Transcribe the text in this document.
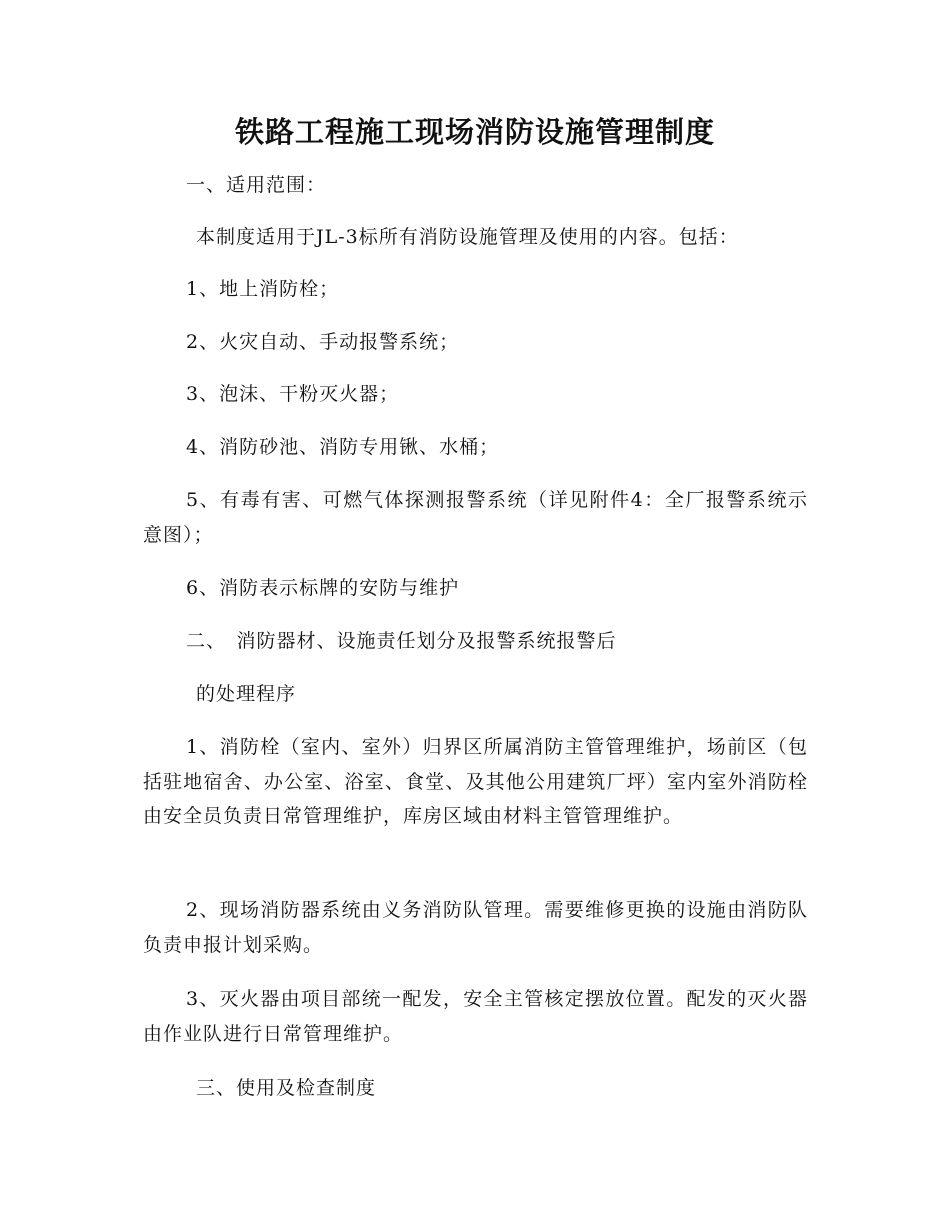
铁路工程施工现场消防设施管理制度
一、适用范围：
本制度适用于JL-3标所有消防设施管理及使用的内容。包括：
1、地上消防栓；
2、火灾自动、手动报警系统；
3、泡沫、干粉灭火器；
4、消防砂池、消防专用锹、水桶；
5、有毒有害、可燃气体探测报警系统（详见附件4：全厂报警系统示意图）；
6、消防表示标牌的安防与维护
二、　消防器材、设施责任划分及报警系统报警后
的处理程序
1、消防栓（室内、室外）归界区所属消防主管管理维护，场前区（包括驻地宿舍、办公室、浴室、食堂、及其他公用建筑厂坪）室内室外消防栓由安全员负责日常管理维护，库房区域由材料主管管理维护。
2、现场消防器系统由义务消防队管理。需要维修更换的设施由消防队负责申报计划采购。
3、灭火器由项目部统一配发，安全主管核定摆放位置。配发的灭火器由作业队进行日常管理维护。
三、使用及检查制度
